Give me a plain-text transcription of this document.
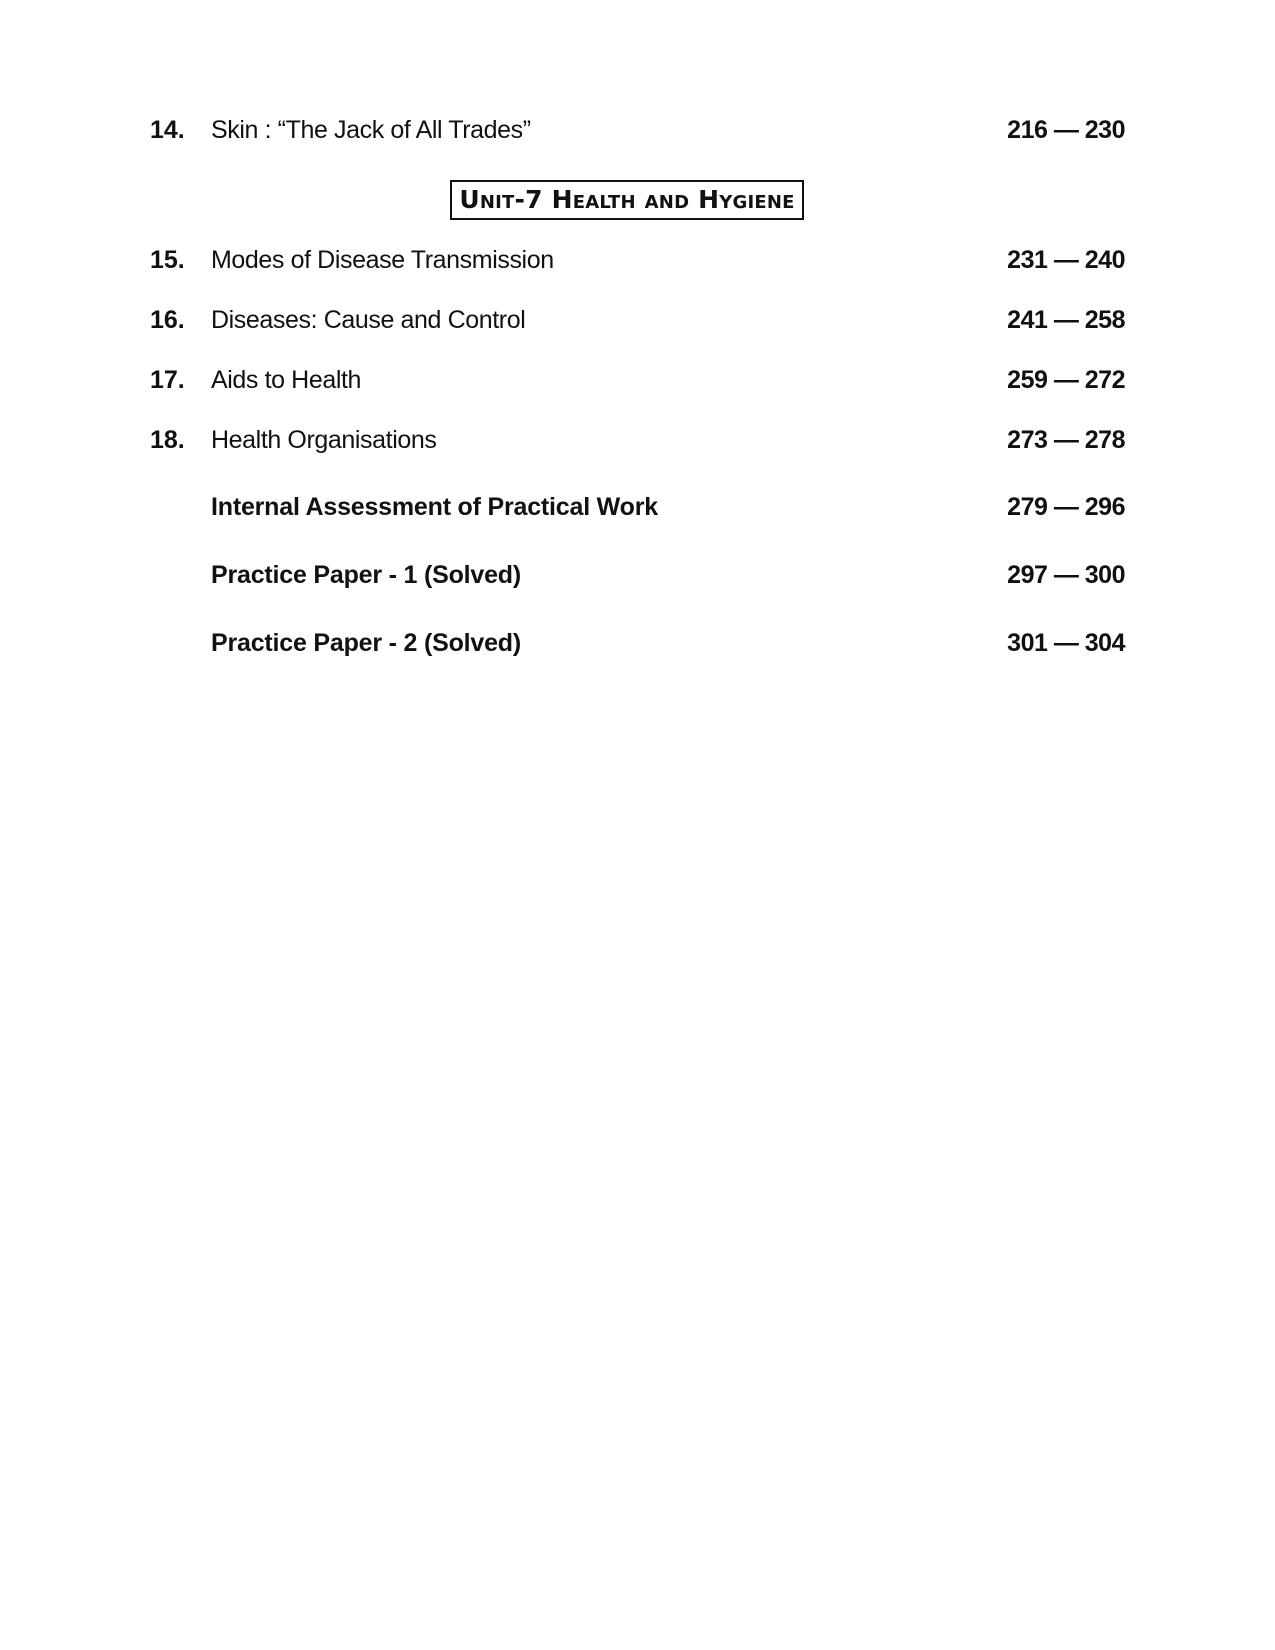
14. Skin : “The Jack of All Trades”	216 — 230
Unit-7 Health and Hygiene
15. Modes of Disease Transmission	231 — 240
16. Diseases: Cause and Control	241 — 258
17. Aids to Health	259 — 272
18. Health Organisations	273 — 278
Internal Assessment of Practical Work	279 — 296
Practice Paper - 1 (Solved)	297 — 300
Practice Paper - 2 (Solved)	301 — 304
